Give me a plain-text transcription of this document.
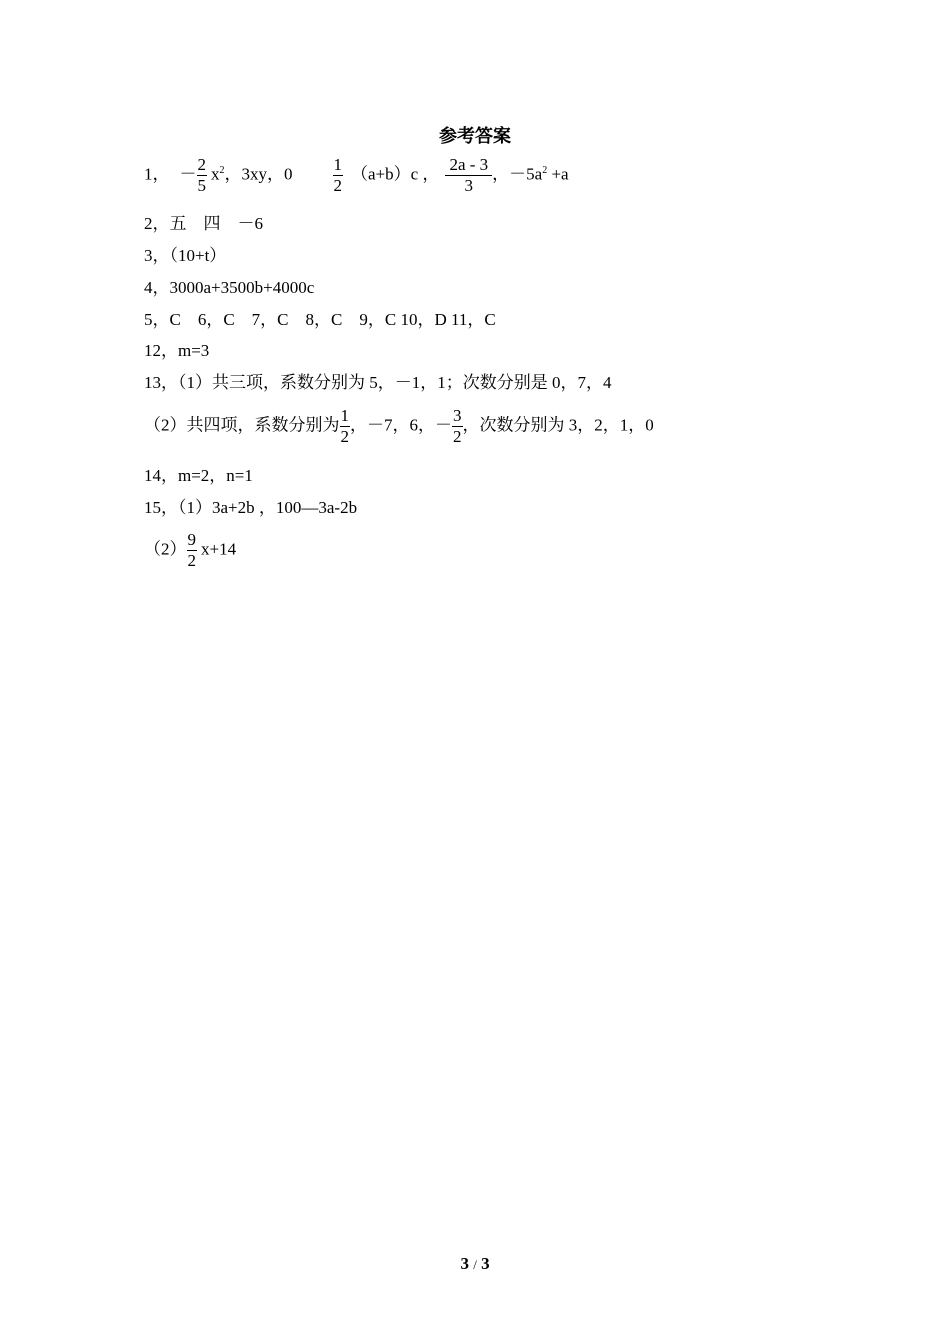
参考答案
1， － $\frac{2}{5} x^2$，3xy，$0 \frac{1}{2} (a+b)c$ ， $\frac{2a - 3}{3}$ ，$-5a^2 +a$
2，五　四　－6
3，（10+t）
4，3000a+3500b+4000c
5，C　6，C　7，C　8，C　9，C 10，D 11，C
12，m=3
13，（1）共三项，系数分别为 5，－1，1；次数分别是 0，7，4
（2）共四项，系数分别为 $\frac{1}{2}$ ，－7，6，－ $\frac{3}{2}$ ，次数分别为 3，2，1，0
14，m=2，n=1
15，（1）3a+2b ，100—3a-2b
$(2) \frac{9}{2} x+14$
3 / 3
